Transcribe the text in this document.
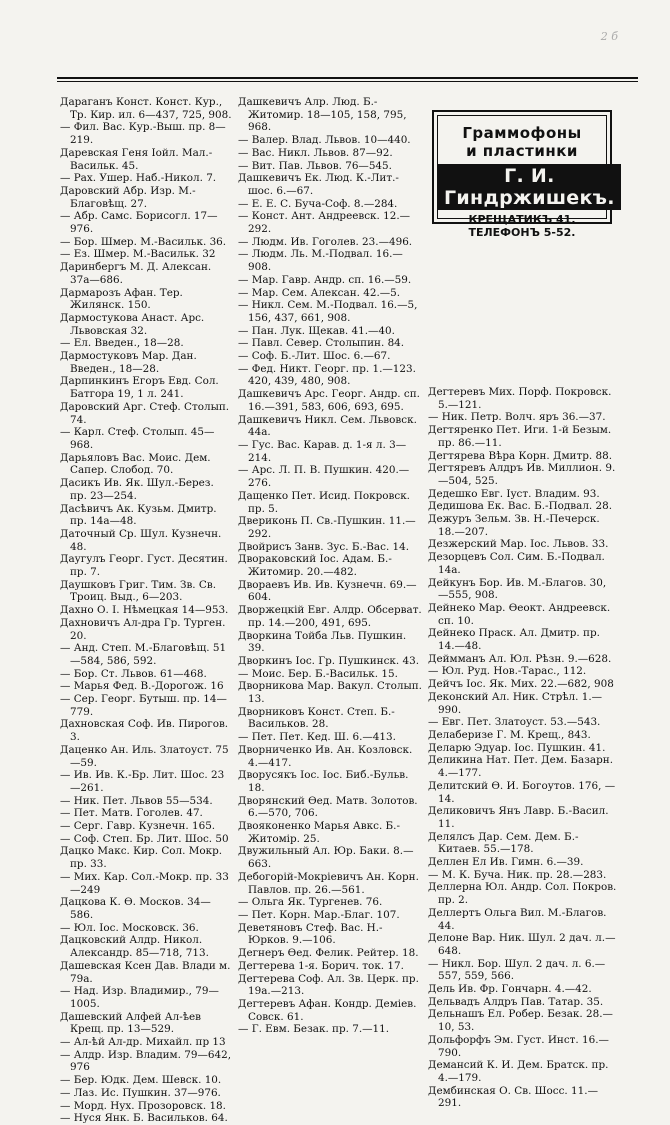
2 б

Дараганъ Конст. Конст. Кур., Тр. Кир. ил. 6—437, 725, 908.

— Фил. Вас. Кур.-Выш. пр. 8—219.

Даревская Геня Іойл. Мал.-Васильк. 45.

— Рах. Ушер. Наб.-Никол. 7.

Даровский Абр. Изр. М.-Благовѣщ. 27.

— Абр. Самс. Борисогл. 17—976.

— Бор. Шмер. М.-Васильк. 36.

— Ез. Шмер. М.-Васильк. 32

Даринбергъ М. Д. Алексан. 37а—686.

Дармарозъ Афан. Тер. Жилянск. 150.

Дармостукова Анаст. Арс. Львовская 32.

— Ел. Введен., 18—28.

Дармостуковъ Мар. Дан. Введен., 18—28.

Дарпинкинъ Егоръ Евд. Сол. Батгора 19, 1 л. 241.

Даровский Арг. Стеф. Столып. 74.

— Карл. Стеф. Столып. 45—968.

Дарьяловъ Вас. Моис. Дем. Сапер. Слобод. 70.

Дасикъ Ив. Як. Шул.-Берез. пр. 23—254.

Дасѣвичъ Ак. Кузьм. Дмитр. пр. 14а—48.

Даточный Ср. Шул. Кузнечн. 48.

Даугулъ Георг. Густ. Десятин. пр. 7.

Даушковъ Григ. Тим. Зв. Св. Троиц. Выд., 6—203.

Дахно О. І. Нѣмецкая 14—953.

Дахновичъ Ал-дра Гр. Турген. 20.

— Анд. Степ. М.-Благовѣщ. 51—584, 586, 592.

— Бор. Ст. Львов. 61—468.

— Марья Фед. В.-Дорогож. 16

— Сер. Георг. Бутыш. пр. 14—779.

Дахновская Соф. Ив. Пирогов. 3.

Даценко Ан. Иль. Златоуст. 75—59.

— Ив. Ив. К.-Бр. Лит. Шос. 23—261.

— Ник. Пет. Львов 55—534.

— Пет. Матв. Гоголев. 47.

— Серг. Гавр. Кузнечн. 165.

— Соф. Степ. Бр. Лит. Шос. 50

Дацко Макс. Кир. Сол. Мокр. пр. 33.

— Мих. Кар. Сол.-Мокр. пр. 33—249

Дацкова К. Ѳ. Москов. 34—586.

— Юл. Іос. Московск. 36.

Дацковский Алдр. Никол. Александр. 85—718, 713.

Дашевская Ксен Дав. Влади м. 79а.

— Над. Изр. Владимир., 79—1005.

Дашевский Алфей Ал-ѣев Крещ. пр. 13—529.

— Ал-ѣй Ал-др. Михайл. пр 13

— Алдр. Изр. Владим. 79—642, 976

— Бер. Юдк. Дем. Шевск. 10.

— Лаз. Ис. Пушкин. 37—976.

— Морд. Нух. Прозоровск. 18.

— Нуся Янк. Б. Васильков. 64.

Дашкевичъ Алр. Люд. Б.-Житомир. 18—105, 158, 795, 968.

— Валер. Влад. Львов. 10—440.

— Вас. Никл. Львов. 87—92.

— Вит. Пав. Львов. 76—545.

Дашкевичъ Ек. Люд. К.-Лит.-шос. 6.—67.

— Е. Е. С. Буча-Соф. 8.—284.

— Конст. Ант. Андреевск. 12.—292.

— Людм. Ив. Гоголев. 23.—496.

— Людм. Ль. М.-Подвал. 16.—908.

— Мар. Гавр. Андр. сп. 16.—59.

— Мар. Сем. Алексан. 42.—5.

— Никл. Сем. М.-Подвал. 16.—5, 156, 437, 661, 908.

— Пан. Лук. Щекав. 41.—40.

— Павл. Север. Столыпин. 84.

— Соф. Б.-Лит. Шос. 6.—67.

— Фед. Никт. Георг. пр. 1.—123. 420, 439, 480, 908.

Дашкевичъ Арс. Георг. Андр. сп. 16.—391, 583, 606, 693, 695.

Дашкевичъ Никл. Сем. Львовск. 44а.

— Гус. Вас. Карав. д. 1-я л. 3—214.

— Арс. Л. П. В. Пушкин. 420.—276.

Дащенко Пет. Исид. Покровск. пр. 5.

Двериконь П. Св.-Пушкин. 11.—292.

Двойрисъ Занв. Зус. Б.-Вас. 14.

Двораковский Іос. Адам. Б.-Житомир. 20.—482.

Двораевъ Ив. Ив. Кузнечн. 69.—604.

Дворжецкій Евг. Алдр. Обсерват. пр. 14.—200, 491, 695.

Дворкина Тойба Льв. Пушкин. 39.

Дворкинъ Іос. Гр. Пушкинск. 43.

— Моис. Бер. Б.-Васильк. 15.

Дворникова Мар. Вакул. Столып. 13.

Дворниковъ Конст. Степ. Б.-Васильков. 28.

— Пет. Пет. Кед. Ш. 6.—413.

Дворниченко Ив. Ан. Козловск. 4.—417.

Дворусякъ Іос. Іос. Биб.-Бульв. 18.

Дворянский Ѳед. Матв. Золотов. 6.—570, 706.

Двояконенко Марья Авкс. Б.-Житомір. 25.

Двужильный Ал. Юр. Баки. 8.—663.

Дебогорій-Мокріевичъ Ан. Корн. Павлов. пр. 26.—561.

— Ольга Як. Тургенев. 76.

— Пет. Корн. Мар.-Благ. 107.

Деветяновъ Стеф. Вас. Н.-Юрков. 9.—106.

Дегнеръ Ѳед. Фелик. Рейтер. 18.

Дегтерева 1-я. Борич. ток. 17.

Дегтерева Соф. Ал. Зв. Церк. пр. 19а.—213.

Дегтеревъ Афан. Кондр. Деміев. Совск. 61.

— Г. Евм. Безак. пр. 7.—11.

Граммофоны
и пластинки
Г. И. Гиндржишекъ.
КРЕЩАТИКЪ 41.
ТЕЛЕФОНЪ 5-52.

Дегтеревъ Мих. Порф. Покровск. 5.—121.

— Ник. Петр. Волч. яръ 36.—37.

Дегтяренко Пет. Иги. 1-й Безым. пр. 86.—11.

Дегтярева Вѣра Корн. Дмитр. 88.

Дегтяревъ Алдръ Ив. Миллион. 9.—504, 525.

Дедешко Евг. Іуст. Владим. 93.

Дедишова Ек. Вас. Б.-Подвал. 28.

Дежуръ Зельм. Зв. Н.-Печерск. 18.—207.

Дезжерский Мар. Іос. Львов. 33.

Дезорцевъ Сол. Сим. Б.-Подвал. 14а.

Дейкунъ Бор. Ив. М.-Благов. 30, —555, 908.

Дейнеко Мар. Ѳеокт. Андреевск. сп. 10.

Дейнеко Праск. Ал. Дмитр. пр. 14.—48.

Деймманъ Ал. Юл. Рѣзн. 9.—628.

— Юл. Руд. Нов.-Тарас., 112.

Дейчъ Іос. Як. Мих. 22.—682, 908

Деконский Ал. Ник. Стрѣл. 1.—990.

— Евг. Пет. Златоуст. 53.—543.

Делаберизе Г. М. Крещ., 843.

Деларю Эдуар. Іос. Пушкин. 41.

Деликина Нат. Пет. Дем. Базарн. 4.—177.

Делитский Ѳ. И. Богоутов. 176, —14.

Деликовичъ Янъ Лавр. Б.-Васил. 11.

Делялсъ Дар. Сем. Дем. Б.-Китаев. 55.—178.

Деллен Ел Ив. Гимн. 6.—39.

— М. К. Буча. Ник. пр. 28.—283.

Деллерна Юл. Андр. Сол. Покров. пр. 2.

Деллертъ Ольга Вил. М.-Благов. 44.

Делоне Вар. Ник. Шул. 2 дач. л.—648.

— Никл. Бор. Шул. 2 дач. л. 6.—557, 559, 566.

Дель Ив. Фр. Гончарн. 4.—42.

Дельвадъ Алдръ Пав. Татар. 35.

Дельнашъ Ел. Робер. Безак. 28.—10, 53.

Дольфорфъ Эм. Густ. Инст. 16.—790.

Демансий К. И. Дем. Братск. пр. 4.—179.

Дембинская О. Св. Шосс. 11.—291.
